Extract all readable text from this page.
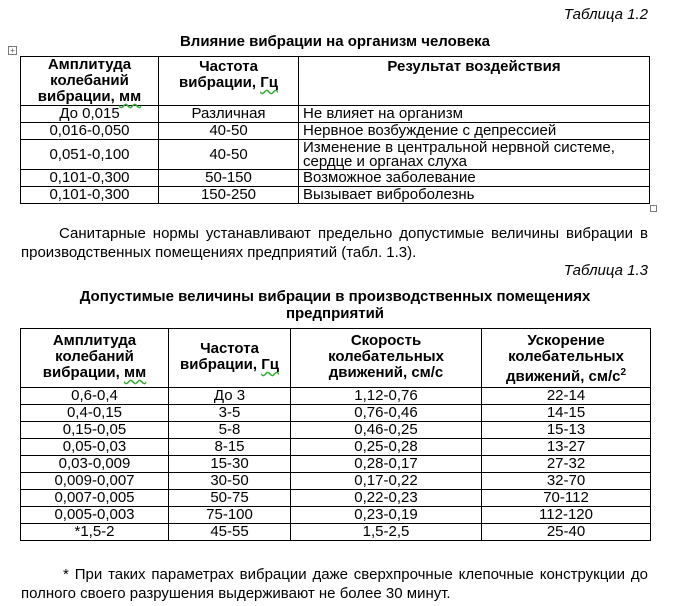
Таблица 1.2
Влияние вибрации на организм человека
+
Амплитуда
колебаний
вибрации, мм	Частота
вибрации, Гц	Результат воздействия
До 0,015	Различная	Не влияет на организм
0,016-0,050	40-50	Нервное возбуждение с депрессией
0,051-0,100	40-50	Изменение в центральной нервной системе, сердце и органах слуха
0,101-0,300	50-150	Возможное заболевание
0,101-0,300	150-250	Вызывает виброболезнь
Санитарные нормы устанавливают предельно допустимые величины вибрации в производственных помещениях предприятий (табл. 1.3).
Таблица 1.3
Допустимые величины вибрации в производственных помещениях предприятий
Амплитуда
колебаний
вибрации, мм	Частота
вибрации, Гц	Скорость
колебательных
движений, см/с	Ускорение
колебательных
движений, $см/с^2$
0,6-0,4	До 3	1,12-0,76	22-14
0,4-0,15	3-5	0,76-0,46	14-15
0,15-0,05	5-8	0,46-0,25	15-13
0,05-0,03	8-15	0,25-0,28	13-27
0,03-0,009	15-30	0,28-0,17	27-32
0,009-0,007	30-50	0,17-0,22	32-70
0,007-0,005	50-75	0,22-0,23	70-112
0,005-0,003	75-100	0,23-0,19	112-120
*1,5-2	45-55	1,5-2,5	25-40
* При таких параметрах вибрации даже сверхпрочные клепочные конструкции до полного своего разрушения выдерживают не более 30 минут.
